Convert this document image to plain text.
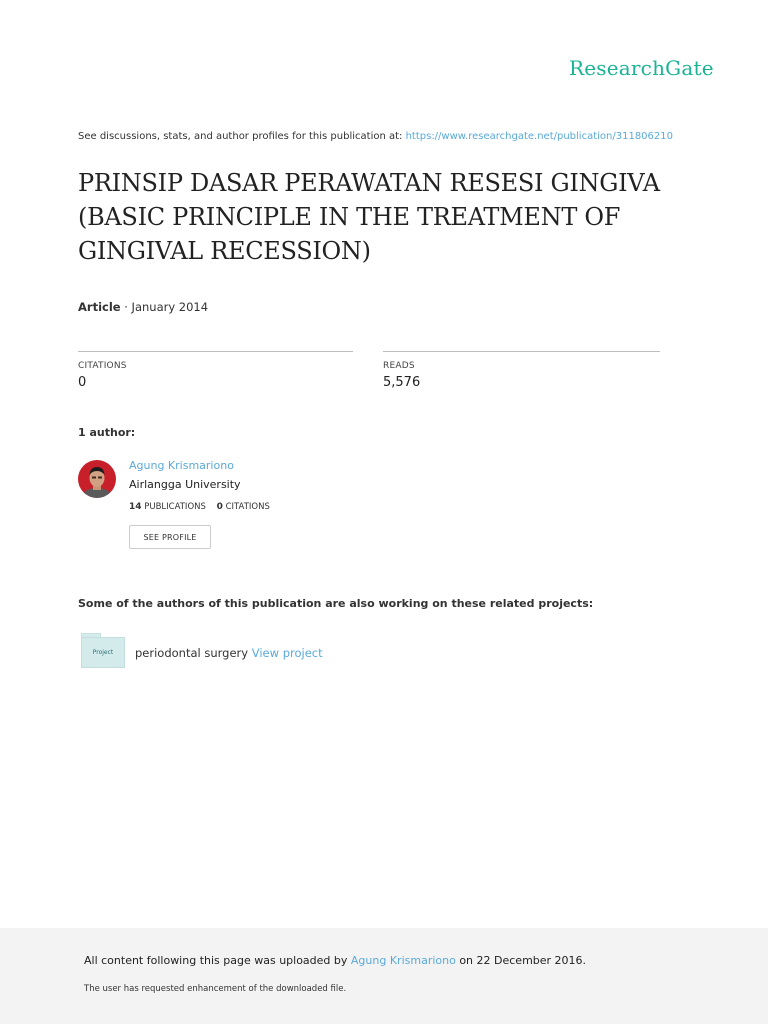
ResearchGate
See discussions, stats, and author profiles for this publication at: https://www.researchgate.net/publication/311806210
PRINSIP DASAR PERAWATAN RESESI GINGIVA
(BASIC PRINCIPLE IN THE TREATMENT OF
GINGIVAL RECESSION)
Article · January 2014
CITATIONS
0
READS
5,576
1 author:
Agung Krismariono
Airlangga University
14 PUBLICATIONS 0 CITATIONS
SEE PROFILE
Some of the authors of this publication are also working on these related projects:
Project periodontal surgery View project
All content following this page was uploaded by Agung Krismariono on 22 December 2016.
The user has requested enhancement of the downloaded file.
